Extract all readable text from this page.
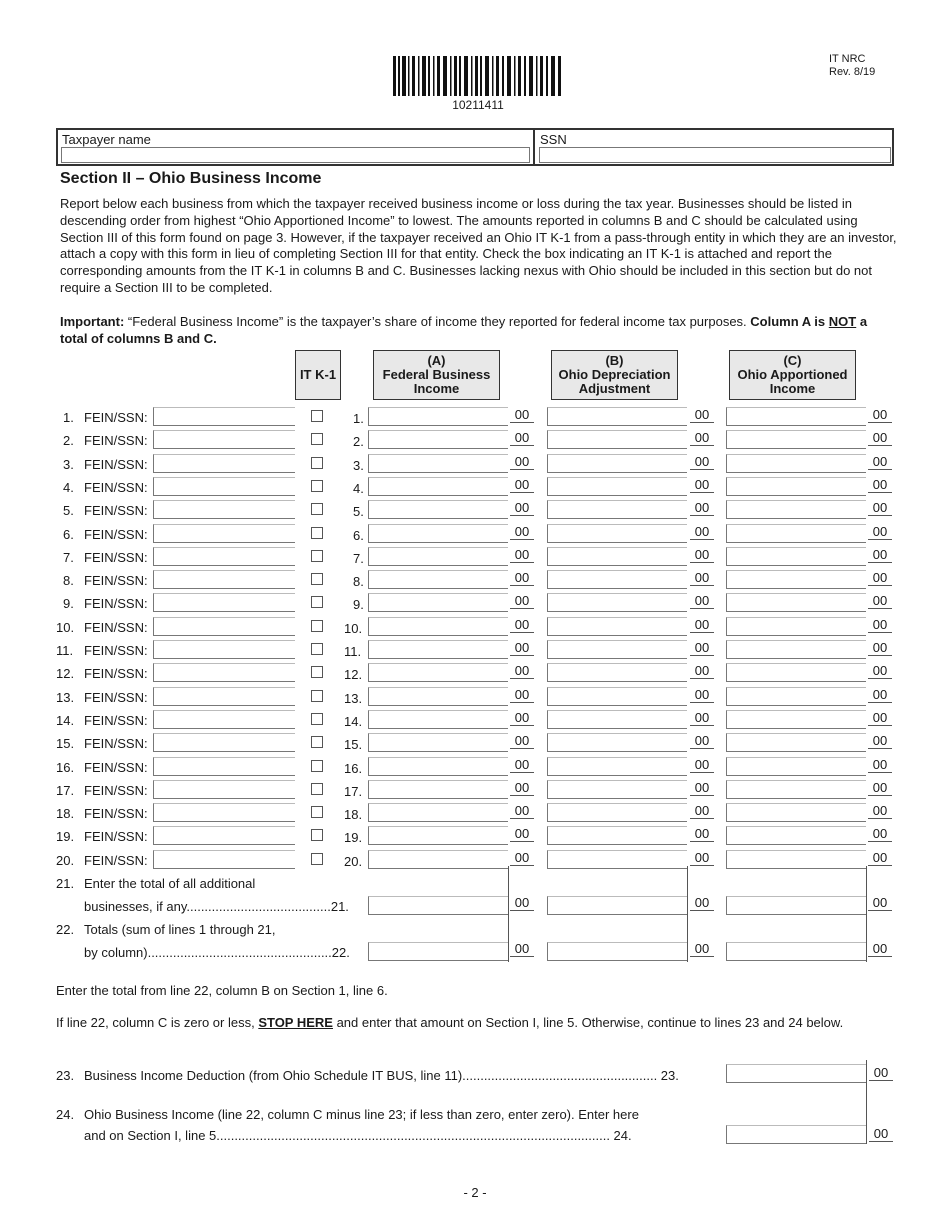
10211411
IT NRC
Rev. 8/19
Taxpayer name	SSN
Section II – Ohio Business Income
Report below each business from which the taxpayer received business income or loss during the tax year. Businesses should be listed in descending order from highest “Ohio Apportioned Income” to lowest. The amounts reported in columns B and C should be calculated using Section III of this form found on page 3. However, if the taxpayer received an Ohio IT K-1 from a pass-through entity in which they are an investor, attach a copy with this form in lieu of completing Section III for that entity. Check the box indicating an IT K-1 is attached and report the corresponding amounts from the IT K-1 in columns B and C. Businesses lacking nexus with Ohio should be included in this section but do not require a Section III to be completed.
Important: “Federal Business Income” is the taxpayer’s share of income they reported for federal income tax purposes. Column A is NOT a total of columns B and C.
IT K-1
(A)
Federal Business
Income
(B)
Ohio Depreciation
Adjustment
(C)
Ohio Apportioned
Income
1. FEIN/SSN:	1.	00	00	00
2. FEIN/SSN:	2.	00	00	00
3. FEIN/SSN:	3.	00	00	00
4. FEIN/SSN:	4.	00	00	00
5. FEIN/SSN:	5.	00	00	00
6. FEIN/SSN:	6.	00	00	00
7. FEIN/SSN:	7.	00	00	00
8. FEIN/SSN:	8.	00	00	00
9. FEIN/SSN:	9.	00	00	00
10. FEIN/SSN:	10.	00	00	00
11. FEIN/SSN:	11.	00	00	00
12. FEIN/SSN:	12.	00	00	00
13. FEIN/SSN:	13.	00	00	00
14. FEIN/SSN:	14.	00	00	00
15. FEIN/SSN:	15.	00	00	00
16. FEIN/SSN:	16.	00	00	00
17. FEIN/SSN:	17.	00	00	00
18. FEIN/SSN:	18.	00	00	00
19. FEIN/SSN:	19.	00	00	00
20. FEIN/SSN:	20.	00	00	00
21. Enter the total of all additional
businesses, if any........................................21.	00	00	00
22. Totals (sum of lines 1 through 21,
by column)...................................................22.	00	00	00
Enter the total from line 22, column B on Section 1, line 6.
If line 22, column C is zero or less, STOP HERE and enter that amount on Section I, line 5. Otherwise, continue to lines 23 and 24 below.
23. Business Income Deduction (from Ohio Schedule IT BUS, line 11)...................................................... 23.	00
24. Ohio Business Income (line 22, column C minus line 23; if less than zero, enter zero). Enter here
and on Section I, line 5............................................................................................................. 24.	00
- 2 -
